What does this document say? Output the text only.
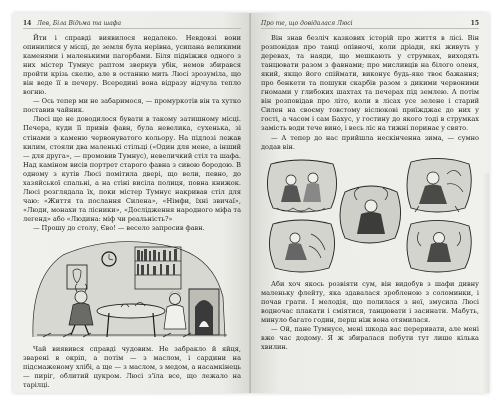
14 Лев, Біла Відьма та шафа

Йти і справді виявилося недалеко. Невдовзі вони опинилися у місці, де земля була нерівна, усипана великими каменями і маленькими пагорбами. Біля підніжжя одного з них містер Тумнус раптом звернув убік, немов збирався пройти крізь скелю, але в останню мить Люсі зрозуміла, що він веде її в печеру. Всередині вона відразу відчула тепло вогню.

— Ось тепер ми не забаримося, — промуркотів він та хутко поставив чайник.

Люсі ще не доводилося бувати в такому затишному місці. Печера, куди її привів фавн, була невелика, сухенька, зі стінами з каменю червонуватого кольору. На підлозі лежав килим, стояли два маленькі стільці («Один для мене, а інший — для друга», — промовив Тумнус), невеличкий стіл та шафа. Над каміном висів портрет старого фавна з сивою бородою. В одному з кутів Люсі помітила двері, що вели, певно, до хазяйської спальні, а на стіні висіла полиця, повна книжок. Люсі розглядала їх, поки містер Тумнус накривав стіл для чаю: «Життя та послання Силена», «Німфи, їхні звичаї», «Люди, монахи та лісники», «Дослідження народного міфа та легенд» або «Людина: міф чи реальність?»

— Прошу до столу, Єво! — весело запросив фавн.

Чай виявився справді чудовим. Не забракло й яйця, зварені в окріп, а потім — з маслом, і сардини на підсмаженому хлібі, а ще — з маслом, з медом, а насамкінець — пиріг, облитий цукром. Люсі з'їла все, що лежало на тарілці.

Про те, що довідалася Люсі	15

Він знав безліч казкових історій про життя в лісі. Він розповідав про танці опівночі, коли дріади, які живуть у деревах, та наяди, що мешкають у струмках, виходять танцювати разом з фавнами; про мисливців на білого оленя, який, якщо його спіймати, виконує будь-яке твоє бажання; про бенкети та пошуки скарбів разом з дикими червоними гномами у глибоких шахтах та печерах під землею. А потім він розповідав про літо, коли в лісах усе зелене і старий Силен на своєму товстому віслюкові приїжджає до них у гості, а часом і сам Бахус, у гостину до якого тоді в струмках замість води тече вино, і весь ліс на тижні поринає у свято.

— А тепер до нас прийшла нескінченна зима, — сумно додав він.

Аби хоч якось розвіяти сум, він видобув з шафи дивну маленьку флейту, яка здавалася зробленою з соломинки, і почав грати. І мелодія, що полилася з неї, змусила Люсі водночас плакати і сміятися, танцювати і засинати. Мабуть, минуло багато годин, перш ніж вона отямилася.

— Ой, пане Тумнусе, мені шкода вас переривати, але мені вже час додому. Я ж збиралася побути тут лише кілька хвилин.
